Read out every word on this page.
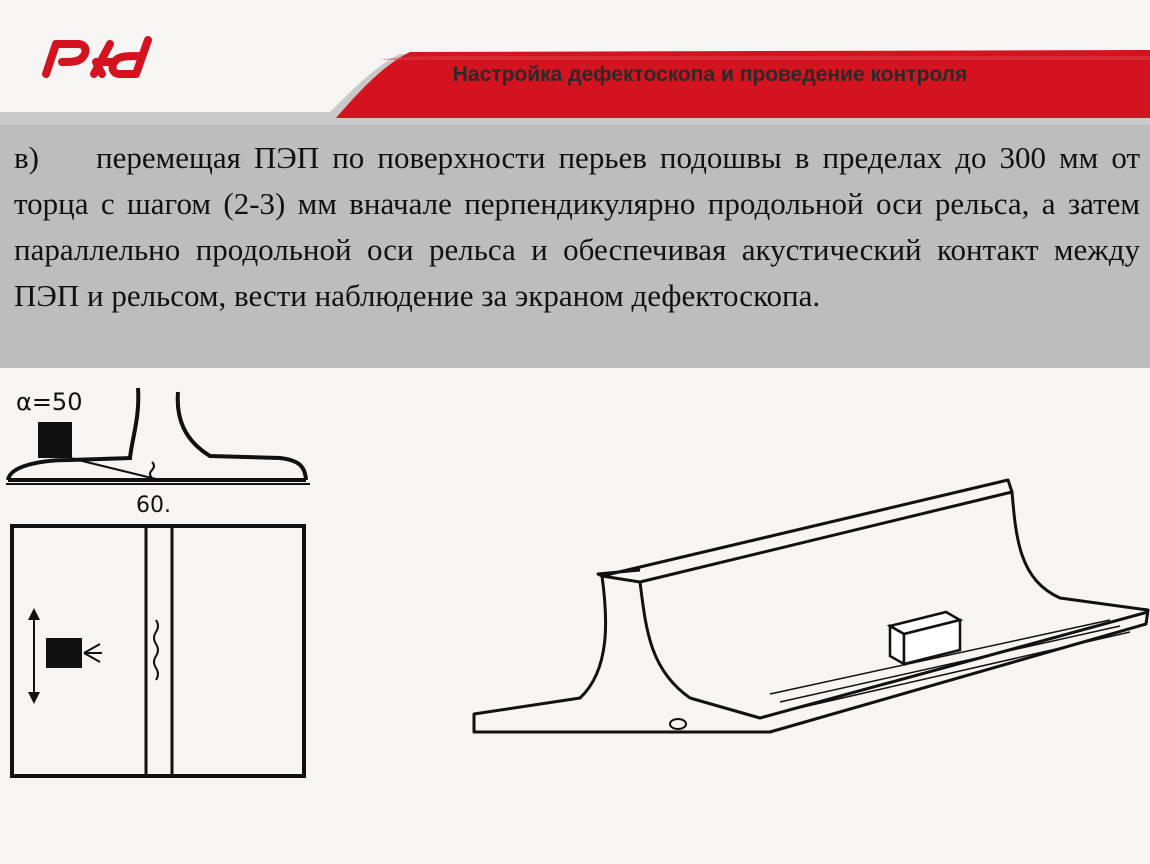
Настройка дефектоскопа и проведение контроля
в) перемещая ПЭП по поверхности перьев подошвы в пределах до 300 мм от торца с шагом (2-3) мм вначале перпендикулярно продольной оси рельса, а затем параллельно продольной оси рельса и обеспечивая акустический контакт между ПЭП и рельсом, вести наблюдение за экраном дефектоскопа.
α=50
60.
